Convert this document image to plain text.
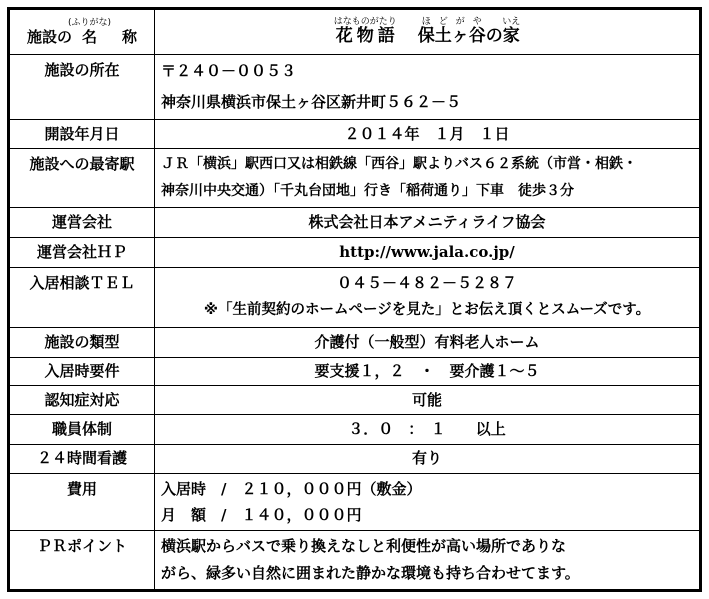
施設の名(ふりがな)　称	花物語はなものがたり　 保ほ土どヶが谷やの家いえ
施設の所在	〒２４０－００５３
神奈川県横浜市保土ヶ谷区新井町５６２－５

開設年月日	２０１４年　１月　１日
施設への最寄駅	ＪＲ「横浜」駅西口又は相鉄線「西谷」駅よりバス６２系統（市営・相鉄・
神奈川中央交通）「千丸台団地」行き「稲荷通り」下車　徒歩３分

運営会社	株式会社日本アメニティライフ協会
運営会社ＨＰ	http://www.jala.co.jp/
入居相談ＴＥＬ	０４５－４８２－５２８７
※「生前契約のホームページを見た」とお伝え頂くとスムーズです。

施設の類型	介護付（一般型）有料老人ホーム
入居時要件	要支援１，２　・　要介護１～５
認知症対応	可能
職員体制	３．０　：　１　　以上
２４時間看護	有り
費用	入居時　/　２１０，０００円（敷金）
月　額　/　１４０，０００円

ＰＲポイント	横浜駅からバスで乗り換えなしと利便性が高い場所でありな
がら、緑多い自然に囲まれた静かな環境も持ち合わせてます。
